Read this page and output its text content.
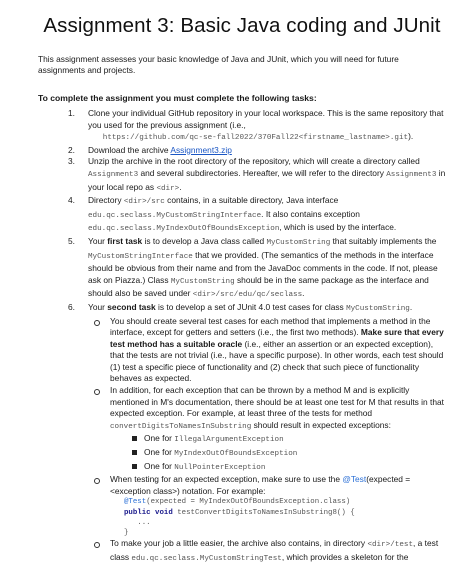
Assignment 3: Basic Java coding and JUnit

This assignment assesses your basic knowledge of Java and JUnit, which you will need for future assignments and projects.

To complete the assignment you must complete the following tasks:
1.	Clone your individual GitHub repository in your local workspace. This is the same repository that you used for the previous assignment (i.e.,
https://github.com/qc-se-fall2022/370Fall22<firstname_lastname>.git).
2.	Download the archive Assignment3.zip
3.	Unzip the archive in the root directory of the repository, which will create a directory called Assignment3 and several subdirectories. Hereafter, we will refer to the directory Assignment3 in your local repo as <dir>.
4.	Directory <dir>/src contains, in a suitable directory, Java interface edu.qc.seclass.MyCustomStringInterface. It also contains exception edu.qc.seclass.MyIndexOutOfBoundsException, which is used by the interface.
5.	Your first task is to develop a Java class called MyCustomString that suitably implements the MyCustomStringInterface that we provided. (The semantics of the methods in the interface should be obvious from their name and from the JavaDoc comments in the code. If not, please ask on Piazza.) Class MyCustomString should be in the same package as the interface and should also be saved under <dir>/src/edu/qc/seclass.
6.	Your second task is to develop a set of JUnit 4.0 test cases for class MyCustomString.
You should create several test cases for each method that implements a method in the interface, except for getters and setters (i.e., the first two methods). Make sure that every test method has a suitable oracle (i.e., either an assertion or an expected exception), that the tests are not trivial (i.e., have a specific purpose). In other words, each test should (1) test a specific piece of functionality and (2) check that such piece of functionality behaves as expected.
In addition, for each exception that can be thrown by a method M and is explicitly mentioned in M's documentation, there should be at least one test for M that results in that expected exception. For example, at least three of the tests for method convertDigitsToNamesInSubstring should result in expected exceptions:
One for IllegalArgumentException
One for MyIndexOutOfBoundsException
One for NullPointerException
When testing for an expected exception, make sure to use the @Test(expected = <exception class>) notation. For example:
@Test(expected = MyIndexOutOfBoundsException.class)
public void testConvertDigitsToNamesInSubstring8() {
...
}
To make your job a little easier, the archive also contains, in directory <dir>/test, a test class edu.qc.seclass.MyCustomStringTest, which provides a skeleton for the
